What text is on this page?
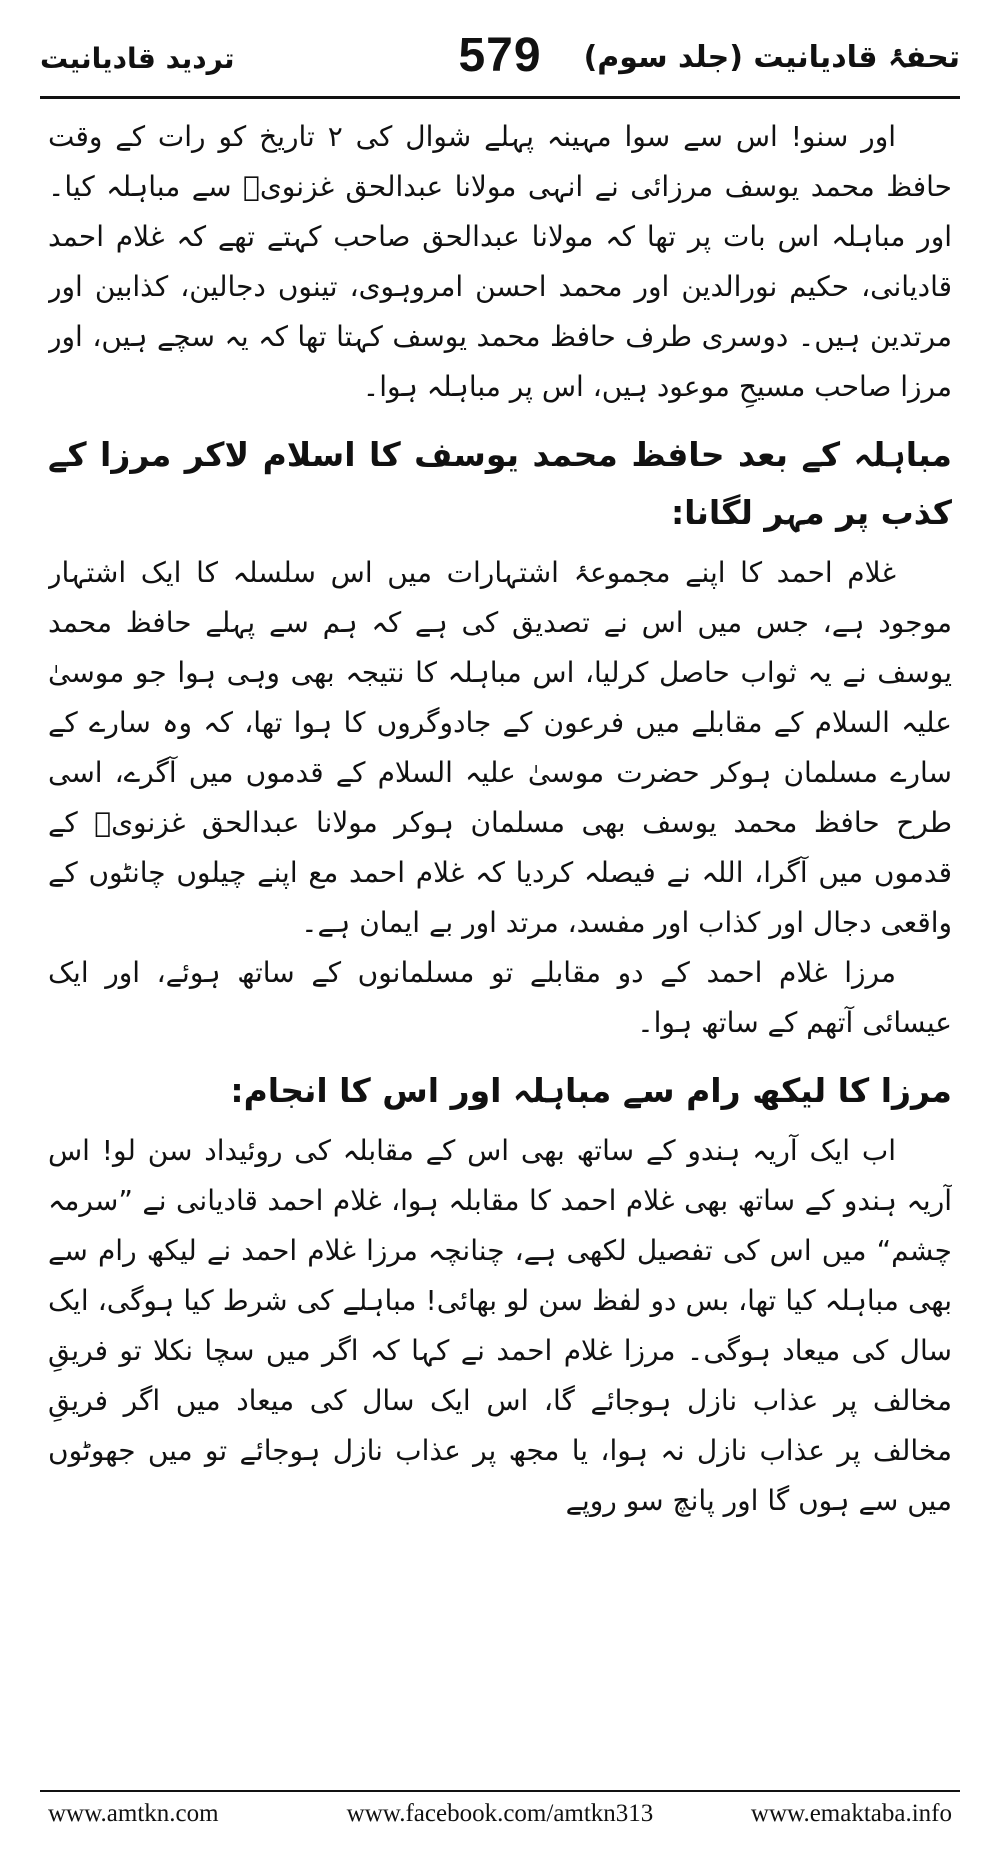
تحفۂ قادیانیت (جلد سوم)
579
تردید قادیانیت

اور سنو! اس سے سوا مہینہ پہلے شوال کی ۲ تاریخ کو رات کے وقت حافظ محمد یوسف مرزائی نے انہی مولانا عبدالحق غزنویؒ سے مباہلہ کیا۔ اور مباہلہ اس بات پر تھا کہ مولانا عبدالحق صاحب کہتے تھے کہ غلام احمد قادیانی، حکیم نورالدین اور محمد احسن امروہوی، تینوں دجالین، کذابین اور مرتدین ہیں۔ دوسری طرف حافظ محمد یوسف کہتا تھا کہ یہ سچے ہیں، اور مرزا صاحب مسیحِ موعود ہیں، اس پر مباہلہ ہوا۔

مباہلہ کے بعد حافظ محمد یوسف کا اسلام لاکر مرزا کے کذب پر مہر لگانا:

غلام احمد کا اپنے مجموعۂ اشتہارات میں اس سلسلہ کا ایک اشتہار موجود ہے، جس میں اس نے تصدیق کی ہے کہ ہم سے پہلے حافظ محمد یوسف نے یہ ثواب حاصل کرلیا، اس مباہلہ کا نتیجہ بھی وہی ہوا جو موسیٰ علیہ السلام کے مقابلے میں فرعون کے جادوگروں کا ہوا تھا، کہ وہ سارے کے سارے مسلمان ہوکر حضرت موسیٰ علیہ السلام کے قدموں میں آگرے، اسی طرح حافظ محمد یوسف بھی مسلمان ہوکر مولانا عبدالحق غزنویؒ کے قدموں میں آگرا، اللہ نے فیصلہ کردیا کہ غلام احمد مع اپنے چیلوں چانٹوں کے واقعی دجال اور کذاب اور مفسد، مرتد اور بے ایمان ہے۔

مرزا غلام احمد کے دو مقابلے تو مسلمانوں کے ساتھ ہوئے، اور ایک عیسائی آتھم کے ساتھ ہوا۔

مرزا کا لیکھ رام سے مباہلہ اور اس کا انجام:

اب ایک آریہ ہندو کے ساتھ بھی اس کے مقابلہ کی روئیداد سن لو! اس آریہ ہندو کے ساتھ بھی غلام احمد کا مقابلہ ہوا، غلام احمد قادیانی نے ”سرمہ چشم“ میں اس کی تفصیل لکھی ہے، چنانچہ مرزا غلام احمد نے لیکھ رام سے بھی مباہلہ کیا تھا، بس دو لفظ سن لو بھائی! مباہلے کی شرط کیا ہوگی، ایک سال کی میعاد ہوگی۔ مرزا غلام احمد نے کہا کہ اگر میں سچا نکلا تو فریقِ مخالف پر عذاب نازل ہوجائے گا، اس ایک سال کی میعاد میں اگر فریقِ مخالف پر عذاب نازل نہ ہوا، یا مجھ پر عذاب نازل ہوجائے تو میں جھوٹوں میں سے ہوں گا اور پانچ سو روپے

www.amtkn.com	www.facebook.com/amtkn313	www.emaktaba.info
